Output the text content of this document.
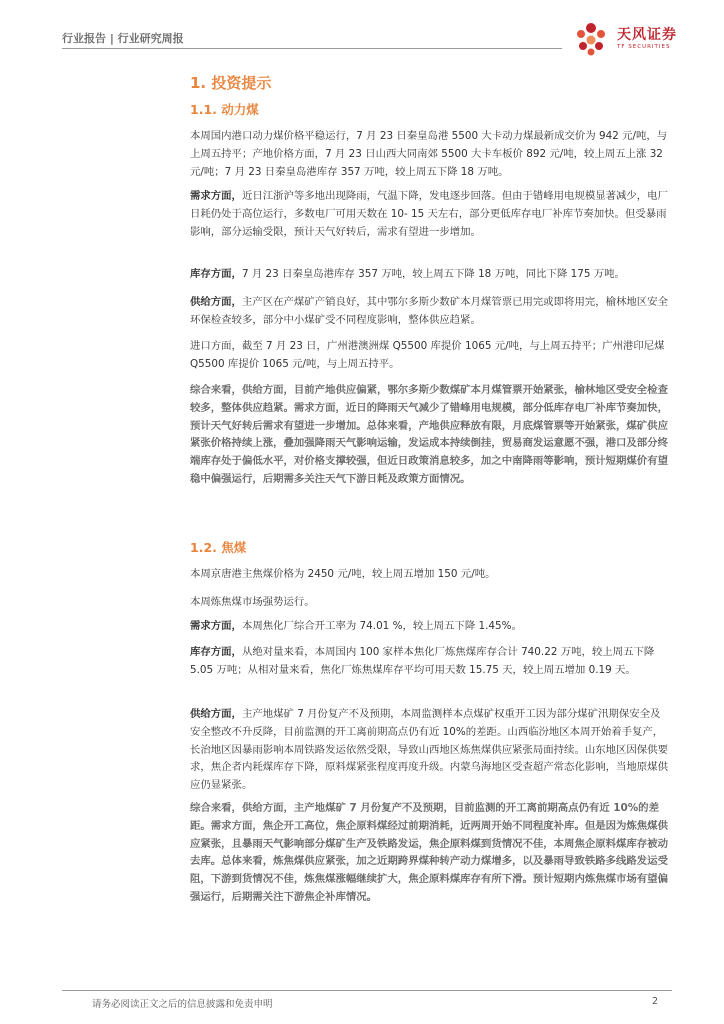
行业报告 | 行业研究周报	天风证券
TF SECURITIES
1. 投资提示
1.1. 动力煤
本周国内港口动力煤价格平稳运行，7 月 23 日秦皇岛港 5500 大卡动力煤最新成交价为 942 元/吨，与上周五持平；产地价格方面，7 月 23 日山西大同南郊 5500 大卡车板价 892 元/吨，较上周五上涨 32 元/吨；7 月 23 日秦皇岛港库存 357 万吨，较上周五下降 18 万吨。
需求方面，近日江浙沪等多地出现降雨，气温下降，发电逐步回落。但由于错峰用电规模显著减少，电厂日耗仍处于高位运行，多数电厂可用天数在 10- 15 天左右，部分更低库存电厂补库节奏加快。但受暴雨影响，部分运输受限，预计天气好转后，需求有望进一步增加。
库存方面，7 月 23 日秦皇岛港库存 357 万吨，较上周五下降 18 万吨，同比下降 175 万吨。
供给方面，主产区在产煤矿产销良好，其中鄂尔多斯少数矿本月煤管票已用完或即将用完，榆林地区安全环保检查较多，部分中小煤矿受不同程度影响，整体供应趋紧。
进口方面，截至 7 月 23 日，广州港澳洲煤 Q5500 库提价 1065 元/吨，与上周五持平；广州港印尼煤 Q5500 库提价 1065 元/吨，与上周五持平。
综合来看，供给方面，目前产地供应偏紧，鄂尔多斯少数煤矿本月煤管票开始紧张，榆林地区受安全检查较多，整体供应趋紧。需求方面，近日的降雨天气减少了错峰用电规模，部分低库存电厂补库节奏加快，预计天气好转后需求有望进一步增加。总体来看，产地供应释放有限，月底煤管票等开始紧张，煤矿供应紧张价格持续上涨，叠加强降雨天气影响运输，发运成本持续倒挂，贸易商发运意愿不强，港口及部分终端库存处于偏低水平，对价格支撑较强，但近日政策消息较多，加之中南降雨等影响，预计短期煤价有望稳中偏强运行，后期需多关注天气下游日耗及政策方面情况。
1.2. 焦煤
本周京唐港主焦煤价格为 2450 元/吨，较上周五增加 150 元/吨。
本周炼焦煤市场强势运行。
需求方面，本周焦化厂综合开工率为 74.01 %，较上周五下降 1.45%。
库存方面，从绝对量来看，本周国内 100 家样本焦化厂炼焦煤库存合计 740.22 万吨，较上周五下降 5.05 万吨；从相对量来看，焦化厂炼焦煤库存平均可用天数 15.75 天，较上周五增加 0.19 天。
供给方面，主产地煤矿 7 月份复产不及预期，本周监测样本点煤矿权重开工因为部分煤矿汛期保安全及安全整改不升反降，目前监测的开工离前期高点仍有近 10%的差距。山西临汾地区本周开始着手复产，长治地区因暴雨影响本周铁路发运依然受限，导致山西地区炼焦煤供应紧张局面持续。山东地区因保供要求，焦企者内耗煤库存下降，原料煤紧张程度再度升级。内蒙乌海地区受查超产常态化影响，当地原煤供应仍显紧张。
综合来看，供给方面，主产地煤矿 7 月份复产不及预期，目前监测的开工离前期高点仍有近 10%的差距。需求方面，焦企开工高位，焦企原料煤经过前期消耗，近两周开始不同程度补库。但是因为炼焦煤供应紧张，且暴雨天气影响部分煤矿生产及铁路发运，焦企原料煤到货情况不佳，本周焦企原料煤库存被动去库。总体来看，炼焦煤供应紧张，加之近期跨界煤种转产动力煤增多，以及暴雨导致铁路多线路发运受阻，下游到货情况不佳，炼焦煤涨幅继续扩大，焦企原料煤库存有所下滑。预计短期内炼焦煤市场有望偏强运行，后期需关注下游焦企补库情况。
请务必阅读正文之后的信息披露和免责申明	2
